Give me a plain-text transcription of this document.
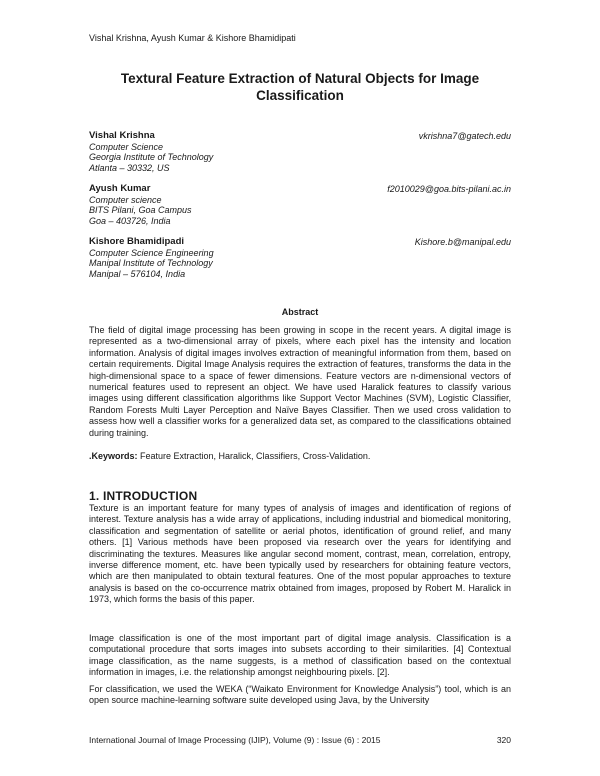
Vishal Krishna, Ayush Kumar & Kishore Bhamidipati
Textural Feature Extraction of Natural Objects for Image Classification
Vishal Krishna	vkrishna7@gatech.edu
Computer Science
Georgia Institute of Technology
Atlanta – 30332, US
Ayush Kumar	f2010029@goa.bits-pilani.ac.in
Computer science
BITS Pilani, Goa Campus
Goa – 403726, India
Kishore Bhamidipadi	Kishore.b@manipal.edu
Computer Science Engineering
Manipal Institute of Technology
Manipal – 576104, India
Abstract
The field of digital image processing has been growing in scope in the recent years. A digital image is represented as a two-dimensional array of pixels, where each pixel has the intensity and location information. Analysis of digital images involves extraction of meaningful information from them, based on certain requirements. Digital Image Analysis requires the extraction of features, transforms the data in the high-dimensional space to a space of fewer dimensions. Feature vectors are n-dimensional vectors of numerical features used to represent an object. We have used Haralick features to classify various images using different classification algorithms like Support Vector Machines (SVM), Logistic Classifier, Random Forests Multi Layer Perception and Naïve Bayes Classifier. Then we used cross validation to assess how well a classifier works for a generalized data set, as compared to the classifications obtained during training.
.Keywords: Feature Extraction, Haralick, Classifiers, Cross-Validation.
1. INTRODUCTION
Texture is an important feature for many types of analysis of images and identification of regions of interest. Texture analysis has a wide array of applications, including industrial and biomedical monitoring, classification and segmentation of satellite or aerial photos, identification of ground relief, and many others. [1] Various methods have been proposed via research over the years for identifying and discriminating the textures. Measures like angular second moment, contrast, mean, correlation, entropy, inverse difference moment, etc. have been typically used by researchers for obtaining feature vectors, which are then manipulated to obtain textural features. One of the most popular approaches to texture analysis is based on the co-occurrence matrix obtained from images, proposed by Robert M. Haralick in 1973, which forms the basis of this paper.
Image classification is one of the most important part of digital image analysis. Classification is a computational procedure that sorts images into subsets according to their similarities. [4] Contextual image classification, as the name suggests, is a method of classification based on the contextual information in images, i.e. the relationship amongst neighbouring pixels. [2].
For classification, we used the WEKA (“Waikato Environment for Knowledge Analysis”) tool, which is an open source machine-learning software suite developed using Java, by the University
International Journal of Image Processing (IJIP), Volume (9) : Issue (6) : 2015	320
